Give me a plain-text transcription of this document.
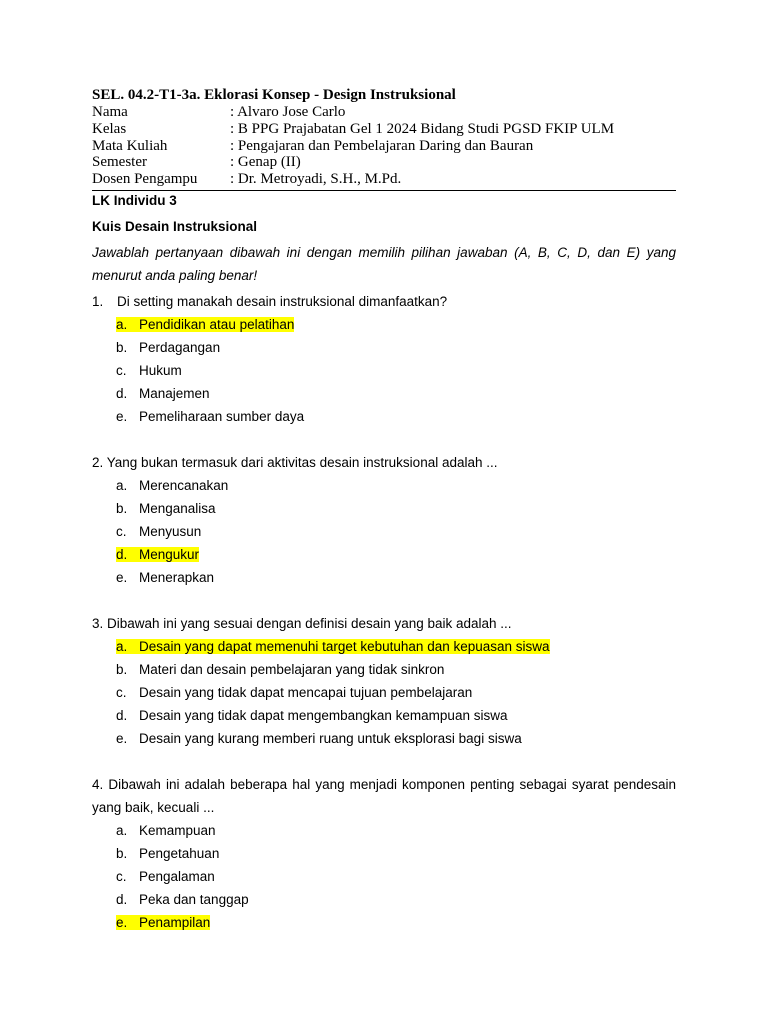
SEL. 04.2-T1-3a. Eklorasi Konsep - Design Instruksional

Nama	: Alvaro Jose Carlo
Kelas	: B PPG Prajabatan Gel 1 2024 Bidang Studi PGSD FKIP ULM
Mata Kuliah	: Pengajaran dan Pembelajaran Daring dan Bauran
Semester	: Genap (II)
Dosen Pengampu	: Dr. Metroyadi, S.H., M.Pd.

LK Individu 3

Kuis Desain Instruksional

Jawablah pertanyaan dibawah ini dengan memilih pilihan jawaban (A, B, C, D, dan E) yang menurut anda paling benar!

1. Di setting manakah desain instruksional dimanfaatkan?

a. Pendidikan atau pelatihan
b. Perdagangan
c. Hukum
d. Manajemen
e. Pemeliharaan sumber daya

2. Yang bukan termasuk dari aktivitas desain instruksional adalah ...

a. Merencanakan
b. Menganalisa
c. Menyusun
d. Mengukur
e. Menerapkan

3. Dibawah ini yang sesuai dengan definisi desain yang baik adalah ...

a. Desain yang dapat memenuhi target kebutuhan dan kepuasan siswa
b. Materi dan desain pembelajaran yang tidak sinkron
c. Desain yang tidak dapat mencapai tujuan pembelajaran
d. Desain yang tidak dapat mengembangkan kemampuan siswa
e. Desain yang kurang memberi ruang untuk eksplorasi bagi siswa

4. Dibawah ini adalah beberapa hal yang menjadi komponen penting sebagai syarat pendesain yang baik, kecuali ...

a. Kemampuan
b. Pengetahuan
c. Pengalaman
d. Peka dan tanggap
e. Penampilan
